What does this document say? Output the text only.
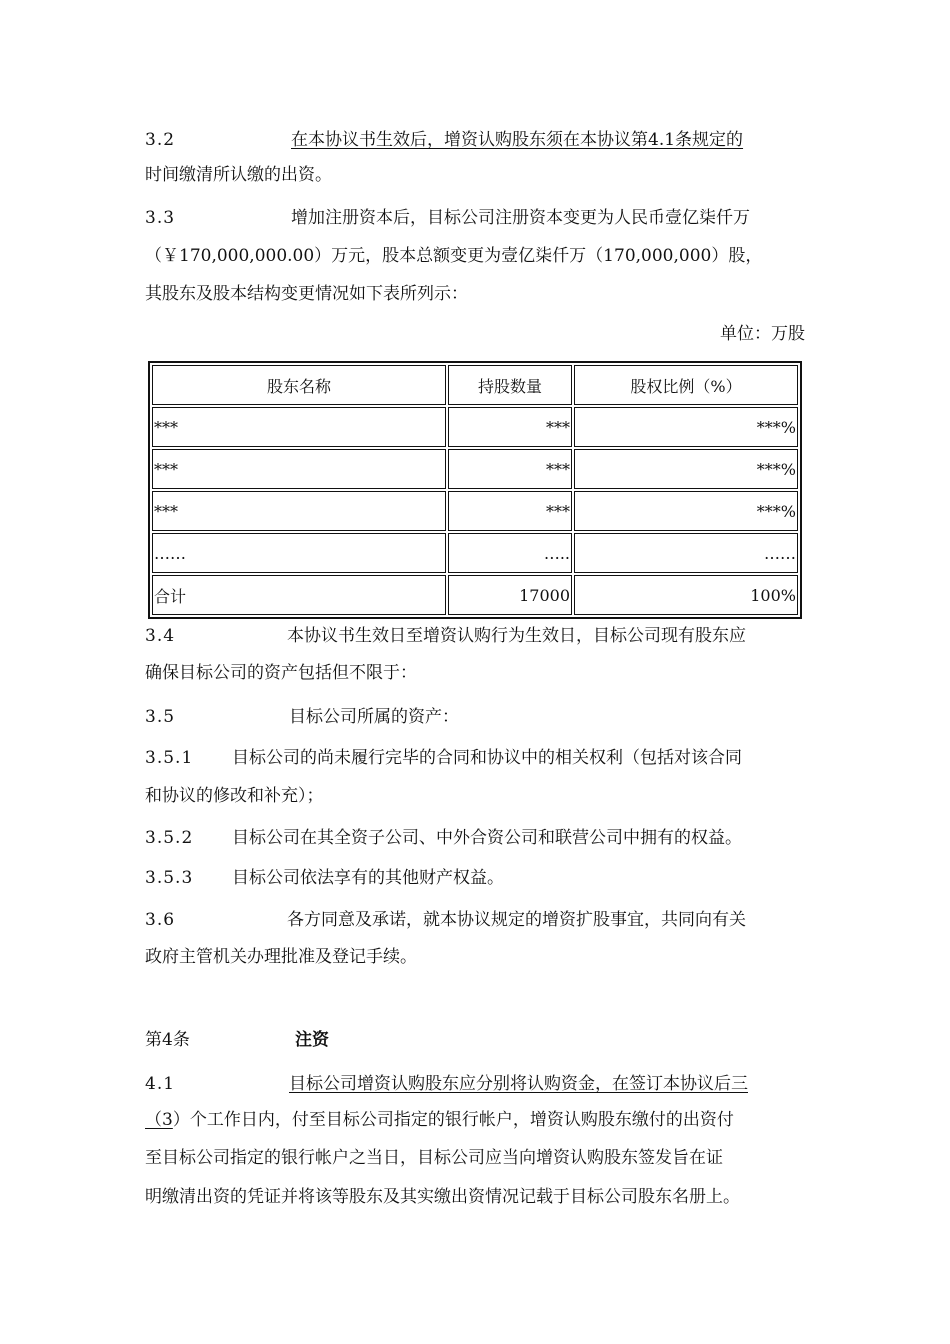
3.2	在本协议书生效后，增资认购股东须在本协议第4.1条规定的
时间缴清所认缴的出资。
3.3	增加注册资本后，目标公司注册资本变更为人民币壹亿柒仟万
（￥170,000,000.00）万元，股本总额变更为壹亿柒仟万（170,000,000）股，
其股东及股本结构变更情况如下表所列示：
单位：万股
股东名称	持股数量	股权比例（%）
***	***	***%
***	***	***%
***	***	***%
……	…..	……
合计	17000	100%
3.4	本协议书生效日至增资认购行为生效日，目标公司现有股东应
确保目标公司的资产包括但不限于：
3.5	目标公司所属的资产：
3.5.1 目标公司的尚未履行完毕的合同和协议中的相关权利（包括对该合同
和协议的修改和补充）；
3.5.2 目标公司在其全资子公司、中外合资公司和联营公司中拥有的权益。
3.5.3 目标公司依法享有的其他财产权益。
3.6	各方同意及承诺，就本协议规定的增资扩股事宜，共同向有关
政府主管机关办理批准及登记手续。
第4条	注资
4.1	目标公司增资认购股东应分别将认购资金，在签订本协议后三
（3）个工作日内，付至目标公司指定的银行帐户，增资认购股东缴付的出资付
至目标公司指定的银行帐户之当日，目标公司应当向增资认购股东签发旨在证
明缴清出资的凭证并将该等股东及其实缴出资情况记载于目标公司股东名册上。
